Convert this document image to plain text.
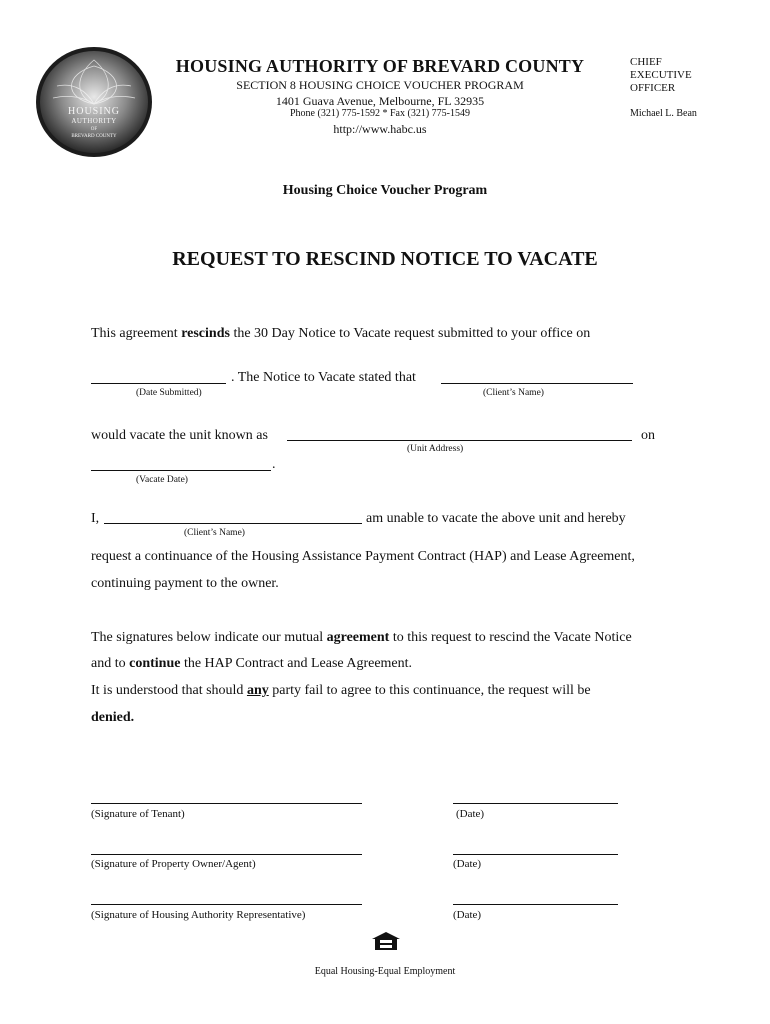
HOUSING
AUTHORITY
OF
BREVARD COUNTY
HOUSING AUTHORITY OF BREVARD COUNTY
SECTION 8 HOUSING CHOICE VOUCHER PROGRAM
1401 Guava Avenue, Melbourne, FL 32935
Phone (321) 775-1592 * Fax (321) 775-1549
http://www.habc.us
CHIEF
EXECUTIVE
OFFICER
Michael L. Bean
Housing Choice Voucher Program
REQUEST TO RESCIND NOTICE TO VACATE
This agreement rescinds the 30 Day Notice to Vacate request submitted to your office on
. The Notice to Vacate stated that
(Date Submitted)	(Client’s Name)
would vacate the unit known as	on
(Unit Address)
.
(Vacate Date)
I,	am unable to vacate the above unit and hereby
(Client’s Name)
request a continuance of the Housing Assistance Payment Contract (HAP) and Lease Agreement,
continuing payment to the owner.
The signatures below indicate our mutual agreement to this request to rescind the Vacate Notice
and to continue the HAP Contract and Lease Agreement.
It is understood that should any party fail to agree to this continuance, the request will be
denied.
(Signature of Tenant)	(Date)
(Signature of Property Owner/Agent)	(Date)
(Signature of Housing Authority Representative)	(Date)
Equal Housing-Equal Employment
